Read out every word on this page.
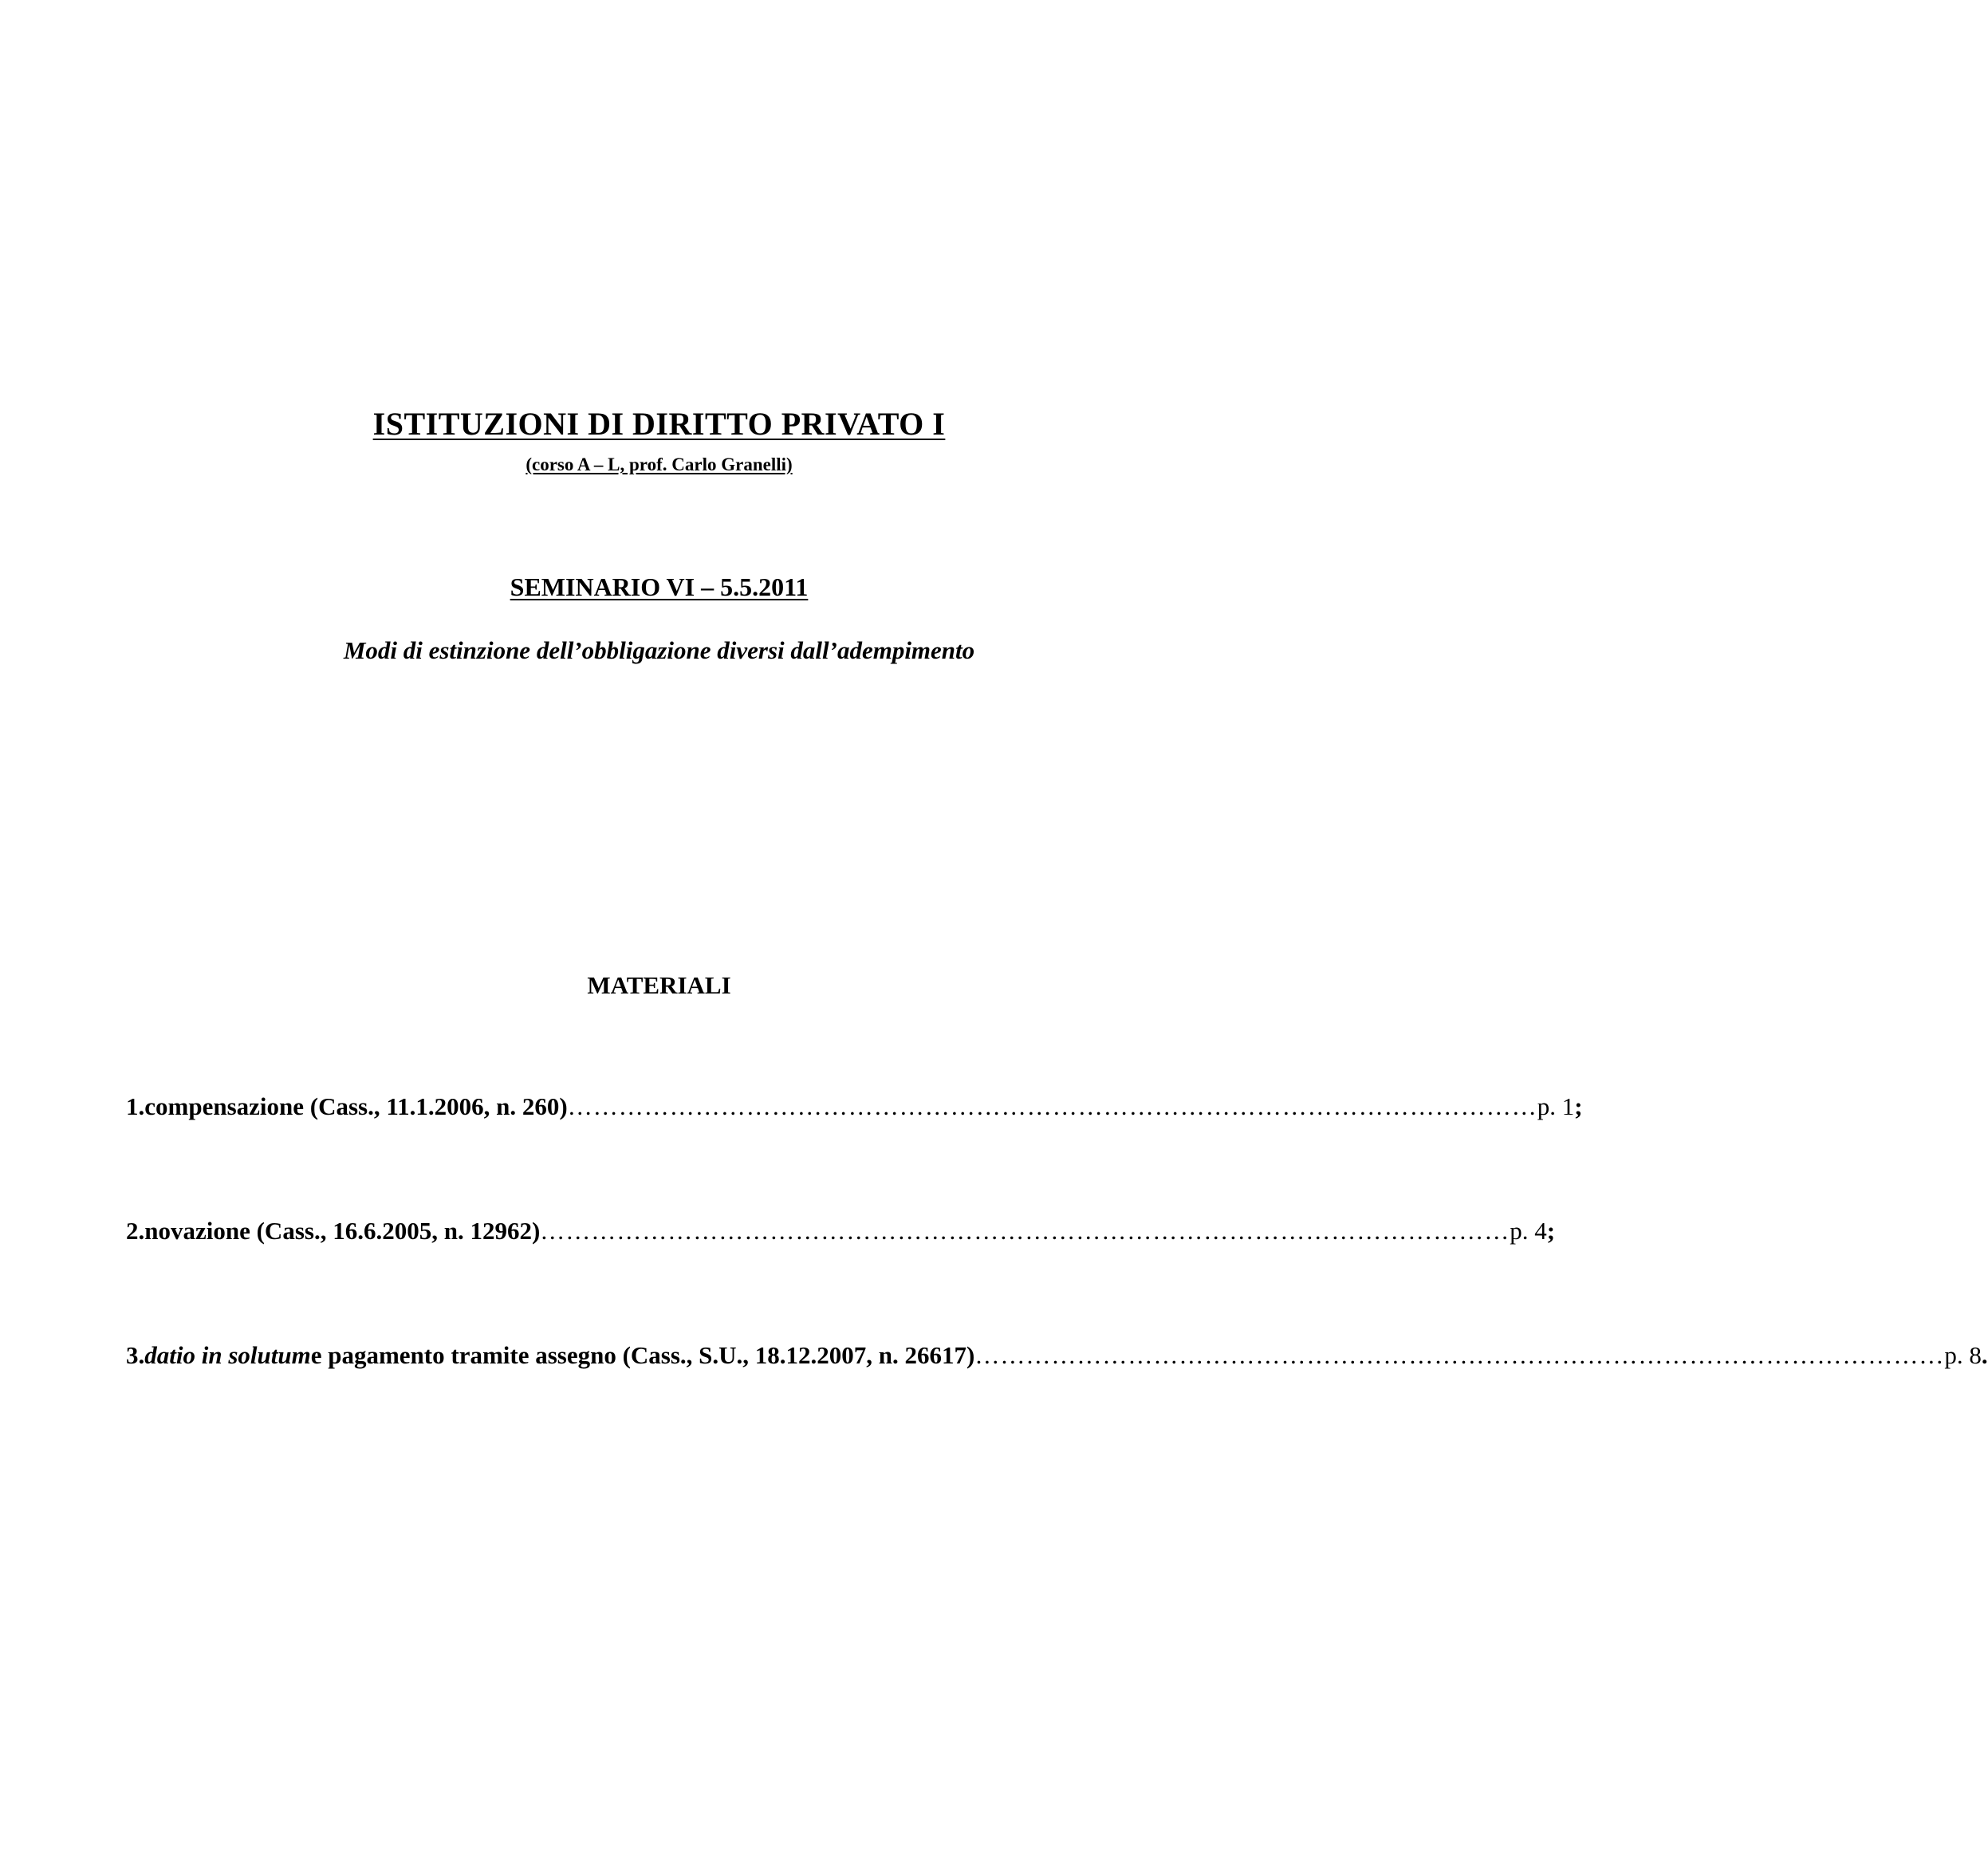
ISTITUZIONI DI DIRITTO PRIVATO I
(corso A – L, prof. Carlo Granelli)
SEMINARIO VI – 5.5.2011
Modi di estinzione dell’obbligazione diversi dall’adempimento
MATERIALI
1. compensazione (Cass., 11.1.2006, n. 260) …………………………………………………………………………………………………… p. 1 ;
2. novazione (Cass., 16.6.2005, n. 12962) …………………………………………………………………………………………………… p. 4 ;
3. datio in solutum e pagamento tramite assegno (Cass., S.U., 18.12.2007, n. 26617) …………………………………………………………………………………………………… p. 8 .
